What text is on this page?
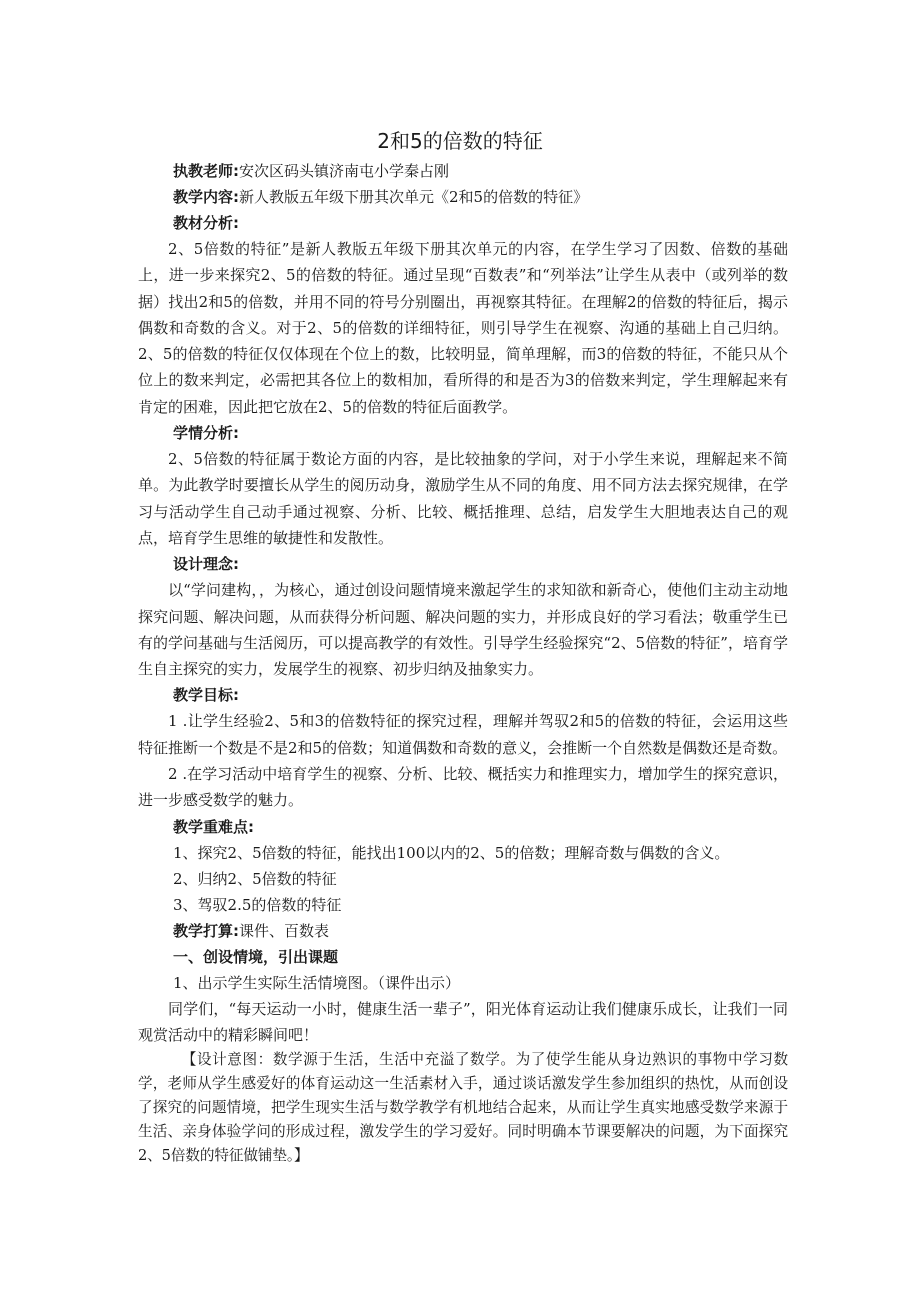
2和5的倍数的特征
执教老师:安次区码头镇济南屯小学秦占刚
教学内容:新人教版五年级下册其次单元《2和5的倍数的特征》
教材分析:
2、5倍数的特征”是新人教版五年级下册其次单元的内容，在学生学习了因数、倍数的基础上，进一步来探究2、5的倍数的特征。通过呈现“百数表”和“列举法”让学生从表中（或列举的数据）找出2和5的倍数，并用不同的符号分别圈出，再视察其特征。在理解2的倍数的特征后，揭示偶数和奇数的含义。对于2、5的倍数的详细特征，则引导学生在视察、沟通的基础上自己归纳。2、5的倍数的特征仅仅体现在个位上的数，比较明显，简单理解，而3的倍数的特征，不能只从个位上的数来判定，必需把其各位上的数相加，看所得的和是否为3的倍数来判定，学生理解起来有肯定的困难，因此把它放在2、5的倍数的特征后面教学。
学情分析:
2、5倍数的特征属于数论方面的内容，是比较抽象的学问，对于小学生来说，理解起来不简单。为此教学时要擅长从学生的阅历动身，激励学生从不同的角度、用不同方法去探究规律，在学习与活动学生自己动手通过视察、分析、比较、概括推理、总结，启发学生大胆地表达自己的观点，培育学生思维的敏捷性和发散性。
设计理念:
以“学问建构，，为核心，通过创设问题情境来激起学生的求知欲和新奇心，使他们主动主动地探究问题、解决问题，从而获得分析问题、解决问题的实力，并形成良好的学习看法；敬重学生已有的学问基础与生活阅历，可以提高教学的有效性。引导学生经验探究“2、5倍数的特征”，培育学生自主探究的实力，发展学生的视察、初步归纳及抽象实力。
教学目标:
1 .让学生经验2、5和3的倍数特征的探究过程，理解并驾驭2和5的倍数的特征，会运用这些特征推断一个数是不是2和5的倍数；知道偶数和奇数的意义，会推断一个自然数是偶数还是奇数。
2 .在学习活动中培育学生的视察、分析、比较、概括实力和推理实力，增加学生的探究意识，进一步感受数学的魅力。
教学重难点:
1、探究2、5倍数的特征，能找出100以内的2、5的倍数；理解奇数与偶数的含义。
2、归纳2、5倍数的特征
3、驾驭2.5的倍数的特征
教学打算:课件、百数表
一、创设情境，引出课题
1、出示学生实际生活情境图。（课件出示）
同学们，“每天运动一小时，健康生活一辈子”，阳光体育运动让我们健康乐成长，让我们一同观赏活动中的精彩瞬间吧！
【设计意图：数学源于生活，生活中充溢了数学。为了使学生能从身边熟识的事物中学习数学，老师从学生感爱好的体育运动这一生活素材入手，通过谈话激发学生参加组织的热忱，从而创设了探究的问题情境，把学生现实生活与数学教学有机地结合起来，从而让学生真实地感受数学来源于生活、亲身体验学问的形成过程，激发学生的学习爱好。同时明确本节课要解决的问题，为下面探究2、5倍数的特征做铺垫。】
